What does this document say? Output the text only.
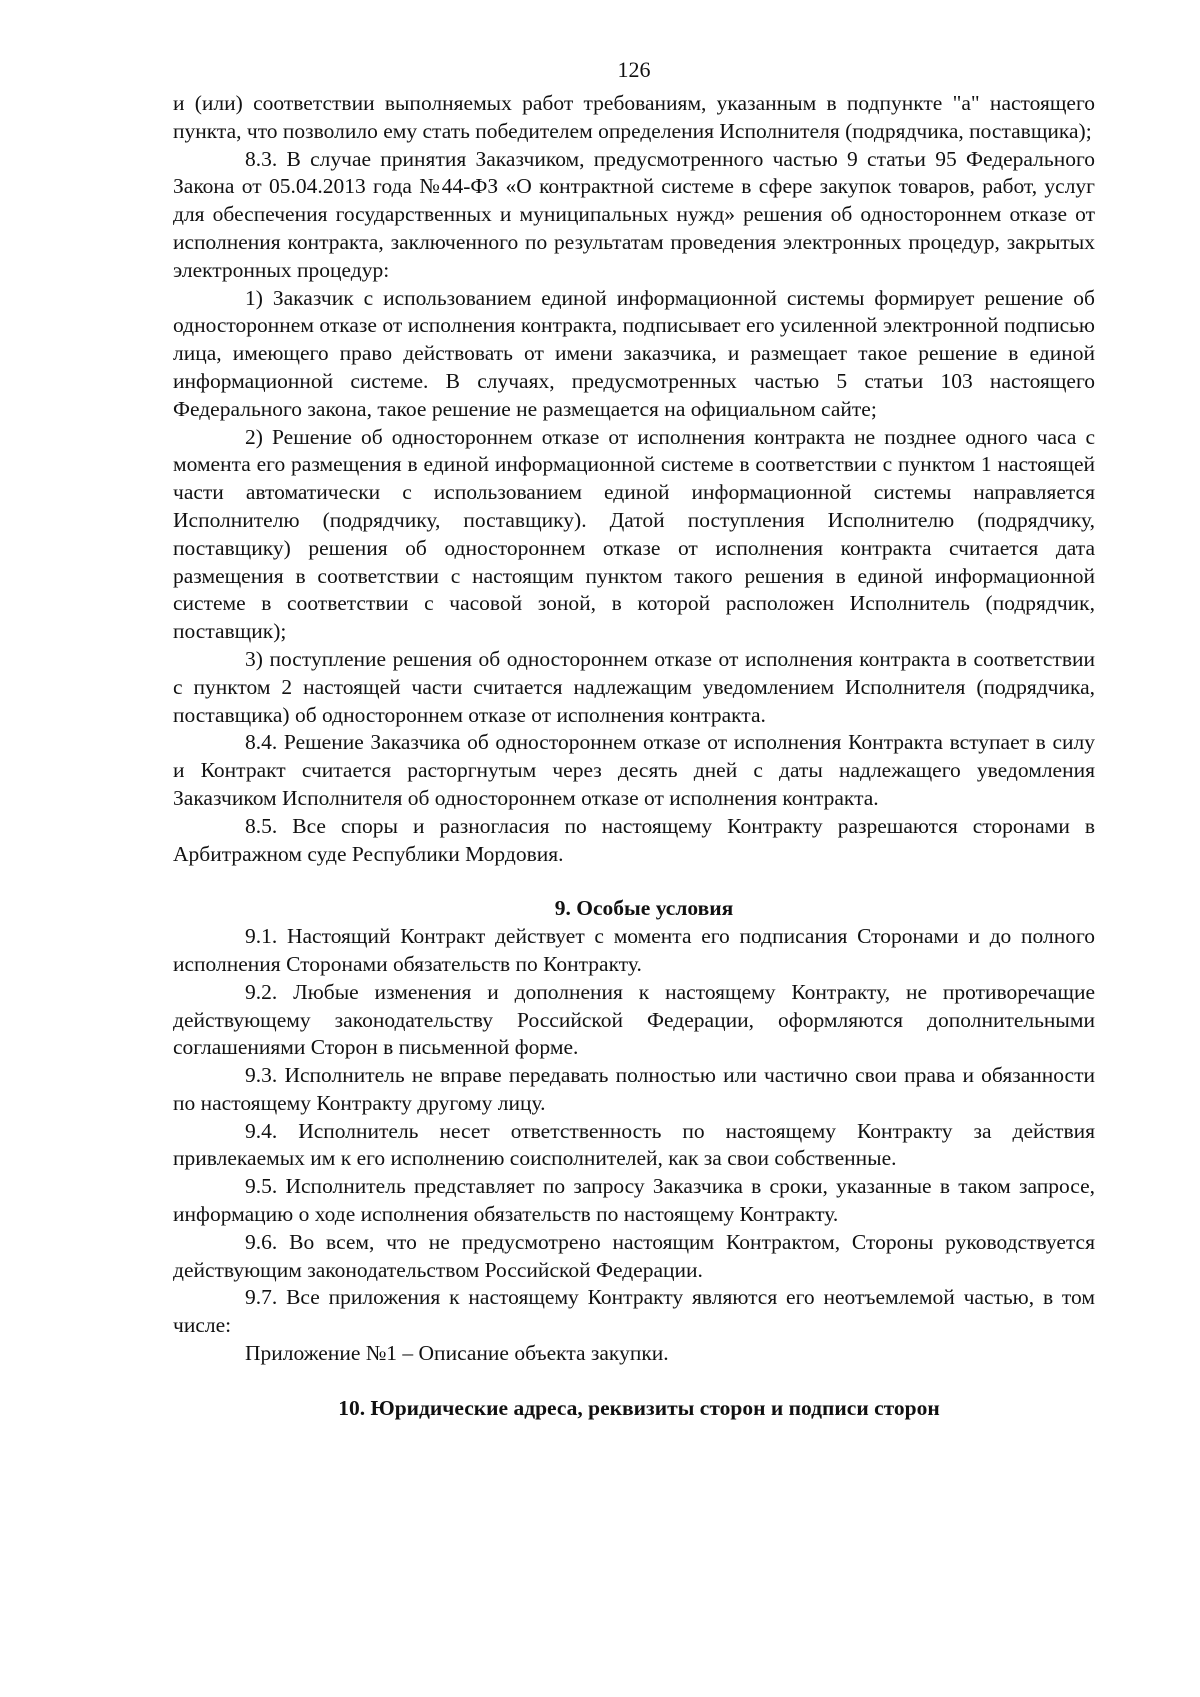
126

и (или) соответствии выполняемых работ требованиям, указанным в подпункте "а" настоящего пункта, что позволило ему стать победителем определения Исполнителя (подрядчика, поставщика);

8.3. В случае принятия Заказчиком, предусмотренного частью 9 статьи 95 Федерального Закона от 05.04.2013 года №44-ФЗ «О контрактной системе в сфере закупок товаров, работ, услуг для обеспечения государственных и муниципальных нужд» решения об одностороннем отказе от исполнения контракта, заключенного по результатам проведения электронных процедур, закрытых электронных процедур:

1) Заказчик с использованием единой информационной системы формирует решение об одностороннем отказе от исполнения контракта, подписывает его усиленной электронной подписью лица, имеющего право действовать от имени заказчика, и размещает такое решение в единой информационной системе. В случаях, предусмотренных частью 5 статьи 103 настоящего Федерального закона, такое решение не размещается на официальном сайте;

2) Решение об одностороннем отказе от исполнения контракта не позднее одного часа с момента его размещения в единой информационной системе в соответствии с пунктом 1 настоящей части автоматически с использованием единой информационной системы направляется Исполнителю (подрядчику, поставщику). Датой поступления Исполнителю (подрядчику, поставщику) решения об одностороннем отказе от исполнения контракта считается дата размещения в соответствии с настоящим пунктом такого решения в единой информационной системе в соответствии с часовой зоной, в которой расположен Исполнитель (подрядчик, поставщик);

3) поступление решения об одностороннем отказе от исполнения контракта в соответствии с пунктом 2 настоящей части считается надлежащим уведомлением Исполнителя (подрядчика, поставщика) об одностороннем отказе от исполнения контракта.

8.4. Решение Заказчика об одностороннем отказе от исполнения Контракта вступает в силу и Контракт считается расторгнутым через десять дней с даты надлежащего уведомления Заказчиком Исполнителя об одностороннем отказе от исполнения контракта.

8.5. Все споры и разногласия по настоящему Контракту разрешаются сторонами в Арбитражном суде Республики Мордовия.

9. Особые условия

9.1. Настоящий Контракт действует с момента его подписания Сторонами и до полного исполнения Сторонами обязательств по Контракту.

9.2. Любые изменения и дополнения к настоящему Контракту, не противоречащие действующему законодательству Российской Федерации, оформляются дополнительными соглашениями Сторон в письменной форме.

9.3. Исполнитель не вправе передавать полностью или частично свои права и обязанности по настоящему Контракту другому лицу.

9.4. Исполнитель несет ответственность по настоящему Контракту за действия привлекаемых им к его исполнению соисполнителей, как за свои собственные.

9.5. Исполнитель представляет по запросу Заказчика в сроки, указанные в таком запросе, информацию о ходе исполнения обязательств по настоящему Контракту.

9.6. Во всем, что не предусмотрено настоящим Контрактом, Стороны руководствуется действующим законодательством Российской Федерации.

9.7. Все приложения к настоящему Контракту являются его неотъемлемой частью, в том числе:

Приложение №1 – Описание объекта закупки.

10. Юридические адреса, реквизиты сторон и подписи сторон
